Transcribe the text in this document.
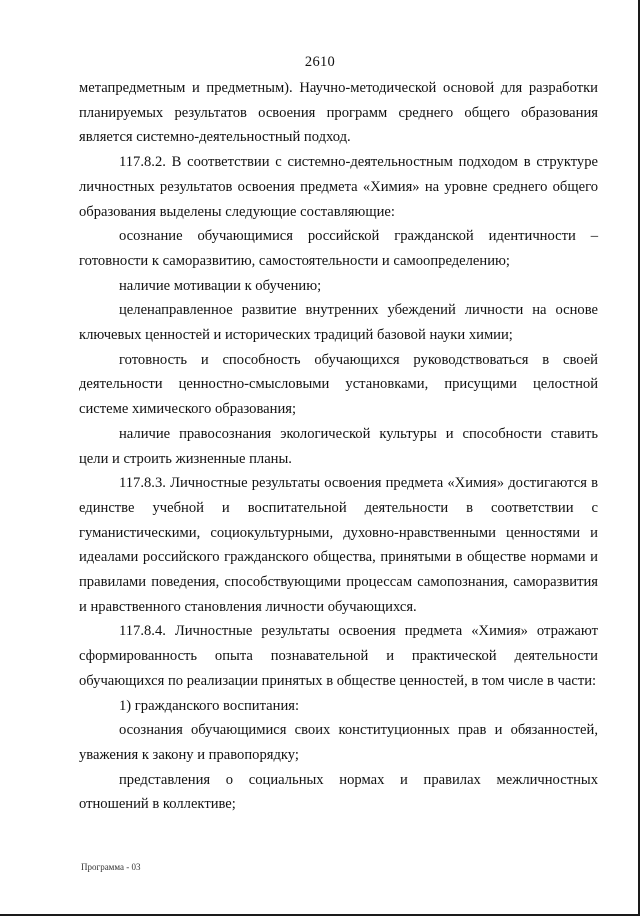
2610

метапредметным и предметным). Научно-методической основой для разработки планируемых результатов освоения программ среднего общего образования является системно-деятельностный подход.

117.8.2. В соответствии с системно-деятельностным подходом в структуре личностных результатов освоения предмета «Химия» на уровне среднего общего образования выделены следующие составляющие:

осознание обучающимися российской гражданской идентичности – готовности к саморазвитию, самостоятельности и самоопределению;

наличие мотивации к обучению;

целенаправленное развитие внутренних убеждений личности на основе ключевых ценностей и исторических традиций базовой науки химии;

готовность и способность обучающихся руководствоваться в своей деятельности ценностно-смысловыми установками, присущими целостной системе химического образования;

наличие правосознания экологической культуры и способности ставить цели и строить жизненные планы.

117.8.3. Личностные результаты освоения предмета «Химия» достигаются в единстве учебной и воспитательной деятельности в соответствии с гуманистическими, социокультурными, духовно-нравственными ценностями и идеалами российского гражданского общества, принятыми в обществе нормами и правилами поведения, способствующими процессам самопознания, саморазвития и нравственного становления личности обучающихся.

117.8.4. Личностные результаты освоения предмета «Химия» отражают сформированность опыта познавательной и практической деятельности обучающихся по реализации принятых в обществе ценностей, в том числе в части:

1) гражданского воспитания:

осознания обучающимися своих конституционных прав и обязанностей, уважения к закону и правопорядку;

представления о социальных нормах и правилах межличностных отношений в коллективе;

Программа - 03
